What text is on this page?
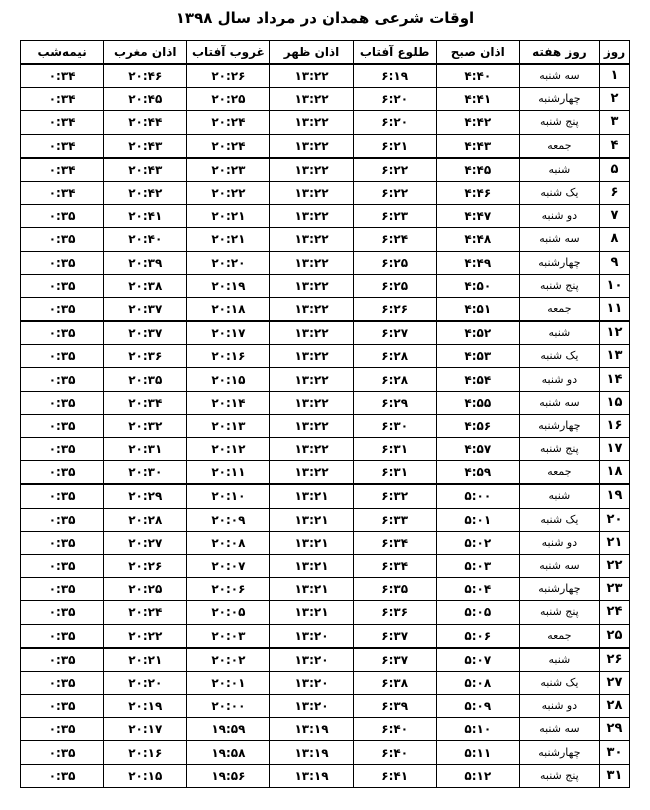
اوقات شرعی همدان در مرداد سال ۱۳۹۸
روز	روز هفته	اذان صبح	طلوع آفتاب	اذان ظهر	غروب آفتاب	اذان مغرب	نیمه‌شب
۱	سه شنبه	۴:۴۰	۶:۱۹	۱۳:۲۲	۲۰:۲۶	۲۰:۴۶	۰:۳۴
۲	چهارشنبه	۴:۴۱	۶:۲۰	۱۳:۲۲	۲۰:۲۵	۲۰:۴۵	۰:۳۴
۳	پنج شنبه	۴:۴۲	۶:۲۰	۱۳:۲۲	۲۰:۲۴	۲۰:۴۴	۰:۳۴
۴	جمعه	۴:۴۳	۶:۲۱	۱۳:۲۲	۲۰:۲۴	۲۰:۴۳	۰:۳۴
۵	شنبه	۴:۴۵	۶:۲۲	۱۳:۲۲	۲۰:۲۳	۲۰:۴۳	۰:۳۴
۶	یک شنبه	۴:۴۶	۶:۲۲	۱۳:۲۲	۲۰:۲۲	۲۰:۴۲	۰:۳۴
۷	دو شنبه	۴:۴۷	۶:۲۳	۱۳:۲۲	۲۰:۲۱	۲۰:۴۱	۰:۳۵
۸	سه شنبه	۴:۴۸	۶:۲۴	۱۳:۲۲	۲۰:۲۱	۲۰:۴۰	۰:۳۵
۹	چهارشنبه	۴:۴۹	۶:۲۵	۱۳:۲۲	۲۰:۲۰	۲۰:۳۹	۰:۳۵
۱۰	پنج شنبه	۴:۵۰	۶:۲۵	۱۳:۲۲	۲۰:۱۹	۲۰:۳۸	۰:۳۵
۱۱	جمعه	۴:۵۱	۶:۲۶	۱۳:۲۲	۲۰:۱۸	۲۰:۳۷	۰:۳۵
۱۲	شنبه	۴:۵۲	۶:۲۷	۱۳:۲۲	۲۰:۱۷	۲۰:۳۷	۰:۳۵
۱۳	یک شنبه	۴:۵۳	۶:۲۸	۱۳:۲۲	۲۰:۱۶	۲۰:۳۶	۰:۳۵
۱۴	دو شنبه	۴:۵۴	۶:۲۸	۱۳:۲۲	۲۰:۱۵	۲۰:۳۵	۰:۳۵
۱۵	سه شنبه	۴:۵۵	۶:۲۹	۱۳:۲۲	۲۰:۱۴	۲۰:۳۴	۰:۳۵
۱۶	چهارشنبه	۴:۵۶	۶:۳۰	۱۳:۲۲	۲۰:۱۳	۲۰:۳۲	۰:۳۵
۱۷	پنج شنبه	۴:۵۷	۶:۳۱	۱۳:۲۲	۲۰:۱۲	۲۰:۳۱	۰:۳۵
۱۸	جمعه	۴:۵۹	۶:۳۱	۱۳:۲۲	۲۰:۱۱	۲۰:۳۰	۰:۳۵
۱۹	شنبه	۵:۰۰	۶:۳۲	۱۳:۲۱	۲۰:۱۰	۲۰:۲۹	۰:۳۵
۲۰	یک شنبه	۵:۰۱	۶:۳۳	۱۳:۲۱	۲۰:۰۹	۲۰:۲۸	۰:۳۵
۲۱	دو شنبه	۵:۰۲	۶:۳۴	۱۳:۲۱	۲۰:۰۸	۲۰:۲۷	۰:۳۵
۲۲	سه شنبه	۵:۰۳	۶:۳۴	۱۳:۲۱	۲۰:۰۷	۲۰:۲۶	۰:۳۵
۲۳	چهارشنبه	۵:۰۴	۶:۳۵	۱۳:۲۱	۲۰:۰۶	۲۰:۲۵	۰:۳۵
۲۴	پنج شنبه	۵:۰۵	۶:۳۶	۱۳:۲۱	۲۰:۰۵	۲۰:۲۴	۰:۳۵
۲۵	جمعه	۵:۰۶	۶:۳۷	۱۳:۲۰	۲۰:۰۳	۲۰:۲۲	۰:۳۵
۲۶	شنبه	۵:۰۷	۶:۳۷	۱۳:۲۰	۲۰:۰۲	۲۰:۲۱	۰:۳۵
۲۷	یک شنبه	۵:۰۸	۶:۳۸	۱۳:۲۰	۲۰:۰۱	۲۰:۲۰	۰:۳۵
۲۸	دو شنبه	۵:۰۹	۶:۳۹	۱۳:۲۰	۲۰:۰۰	۲۰:۱۹	۰:۳۵
۲۹	سه شنبه	۵:۱۰	۶:۴۰	۱۳:۱۹	۱۹:۵۹	۲۰:۱۷	۰:۳۵
۳۰	چهارشنبه	۵:۱۱	۶:۴۰	۱۳:۱۹	۱۹:۵۸	۲۰:۱۶	۰:۳۵
۳۱	پنج شنبه	۵:۱۲	۶:۴۱	۱۳:۱۹	۱۹:۵۶	۲۰:۱۵	۰:۳۵
